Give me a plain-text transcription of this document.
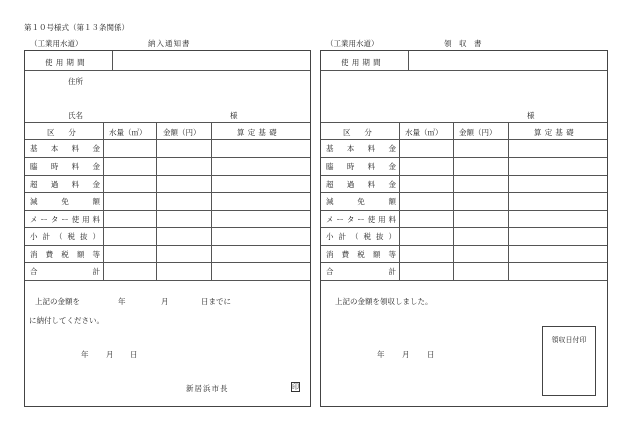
第１０号様式（第１３条関係）
（工業用水道）	納入通知書	（工業用水道）	領　収　書
使用期間
住所
氏名	様
区　分	水量（㎥） 金額（円）	算定基礎
基本料金
臨時料金
超過料金
減免額
メーター使用料
小計（税抜）
消費税額等
合計
上記の金額を	年	月	日までに
に納付してください。
年 月 日
新居浜市長	印
使用期間
様
区　分	水量（㎥） 金額（円）	算定基礎
基本料金
臨時料金
超過料金
減免額
メーター使用料
小計（税抜）
消費税額等
合計
上記の金額を領収しました。
年 月 日
領収日付印
